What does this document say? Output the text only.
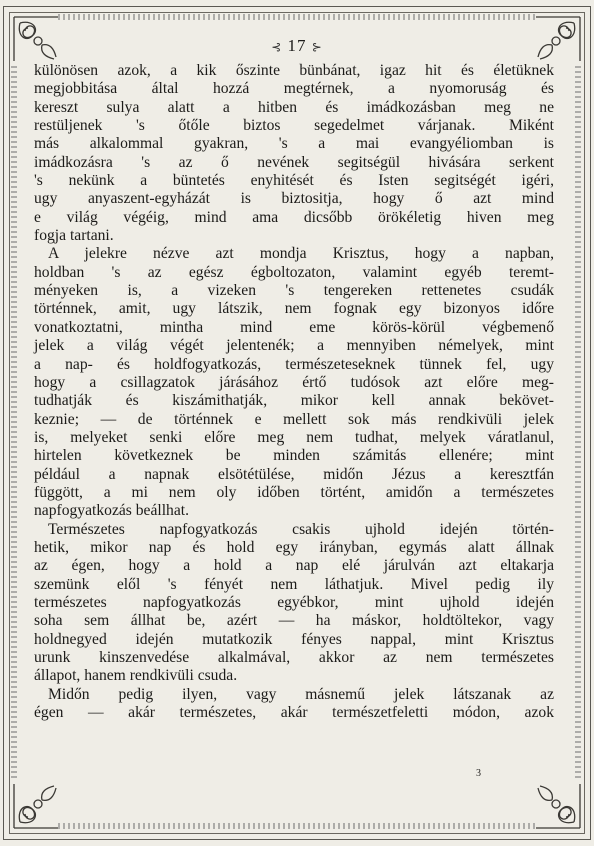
⊰ 17 ⊱

különösen azok, a kik őszinte bünbánat, igaz hit és életüknek
megjobbitása által hozzá megtérnek, a nyomoruság és
kereszt sulya alatt a hitben és imádkozásban meg ne
restüljenek 's őtőle biztos segedelmet várjanak. Miként
más alkalommal gyakran, 's a mai evangyéliomban is
imádkozásra 's az ő nevének segitségül hivására serkent
's nekünk a büntetés enyhitését és Isten segitségét igéri,
ugy anyaszent-egyházát is biztositja, hogy ő azt mind
e világ végéig, mind ama dicsőbb örökéletig hiven meg
fogja tartani.

A jelekre nézve azt mondja Krisztus, hogy a napban,
holdban 's az egész égboltozaton, valamint egyéb teremt-
ményeken is, a vizeken 's tengereken rettenetes csudák
történnek, amit, ugy látszik, nem fognak egy bizonyos időre
vonatkoztatni, mintha mind eme körös-körül végbemenő
jelek a világ végét jelentenék; a mennyiben némelyek, mint
a nap- és holdfogyatkozás, természeteseknek tünnek fel, ugy
hogy a csillagzatok járásához értő tudósok azt előre meg-
tudhatják és kiszámithatják, mikor kell annak bekövet-
keznie; — de történnek e mellett sok más rendkivüli jelek
is, melyeket senki előre meg nem tudhat, melyek váratlanul,
hirtelen következnek be minden számitás ellenére; mint
például a napnak elsötétülése, midőn Jézus a keresztfán
függött, a mi nem oly időben történt, amidőn a természetes
napfogyatkozás beállhat.

Természetes napfogyatkozás csakis ujhold idején történ-
hetik, mikor nap és hold egy irányban, egymás alatt állnak
az égen, hogy a hold a nap elé járulván azt eltakarja
szemünk elől 's fényét nem láthatjuk. Mivel pedig ily
természetes napfogyatkozás egyébkor, mint ujhold idején
soha sem állhat be, azért — ha máskor, holdtöltekor, vagy
holdnegyed idején mutatkozik fényes nappal, mint Krisztus
urunk kinszenvedése alkalmával, akkor az nem természetes
állapot, hanem rendkivüli csuda.

Midőn pedig ilyen, vagy másnemű jelek látszanak az
égen — akár természetes, akár természetfeletti módon, azok

3
